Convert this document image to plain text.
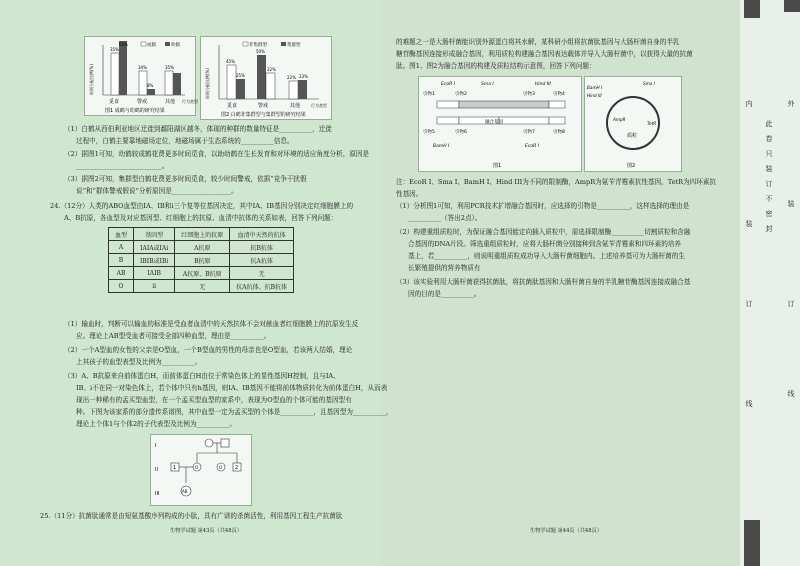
60%
35%
34%
8%
35%
觅食	警戒	其他 行为类型
成鹤	幼鹤
时间分配比例(%)
图1 成鹤与幼鹤的研究结果
45%
25%
50%
32%
22% 23%
觅食	警戒	其他	行为类型
非集群型	集群型
时间分配比例(%)
图2 白鹤非集群型与集群型的研究结果
（1）白鹤从西伯利亚地区迁徙到鄱阳湖区越冬，体现的种群的数量特征是__________，迁徙
过程中，白鹤主要靠地磁场定位，地磁场属于生态系统的__________信息。
（2）据图1可知，幼鹤较成鹤花费更多时间觅食，以助幼鹤在生长发育和对环境的适应角度分析，原因是
__________________________。
（3）据图2可知，集群型白鹤花费更多时间觅食，较少时间警戒，依据“竞争干扰假
说”和“群体警戒假说”分析原因是__________________。
24.（12分）人类的ABO血型由IA、IB和i三个复等位基因决定，其中IA、IB基因分别决定红细胞膜上的
A、B抗原，各血型及对应基因型、红细胞上的抗原、血清中抗体的关系如表，回答下列问题：
血型	基因型	红细胞上的抗原	血清中天然的抗体
A	IAIA或IAi	A抗原	抗B抗体
B	IBIB或IBi	B抗原	抗A抗体
AB	IAIB	A抗原、B抗原	无
O	ii	无	抗A抗体、抗B抗体
（1）输血时，判断可以输血的标准是受血者血清中的天然抗体不会对献血者红细胞膜上的抗原发生反
应。理论上AB型受血者可接受全部四种血型，理由是__________。
（2）一个A型血的女性的父亲是O型血，一个B型血的男性的母亲也是O型血，若该两人结婚，理论
上其孩子的血型表型及比例为__________。
（3）A、B抗原来自前体蛋白H，而前体蛋白H由位于常染色体上的显性基因H控制，且与IA、
IB、i不在同一对染色体上，若个体中只有h基因，则IA、IB基因不能将前体物质转化为前体蛋白H，从而表
现出一种稀有的孟买型血型，在一个孟买型血型的家系中，表现为O型血的个体可能的基因型有
种。下图为该家系的部分遗传系谱图，其中血型一定为孟买型的个体是__________，且基因型为__________，
理论上个体1与个体2的子代表型及比例为__________。
I
II
III
1	O	O	2
AB
25.（11分）抗菌肽通常是由短氨基酸序列构成的小肽，具有广谱的杀菌活性，利用基因工程生产抗菌肽
生物学试题 第43页（共48页）
的难题之一是大肠杆菌能识别外源蛋白将其水解，某科研小组将抗菌肽基因与大肠杆菌自身的半乳
糖苷酶基因连接形成融合基因，利用质粒构建融合基因表达载体并导入大肠杆菌中，以获得大量的抗菌
肽。图1、图2为融合基因的构建及质粒结构示意图，回答下列问题：
EcoR I	Sma I	Hind III
引物1	引物2	引物3	引物4
融合基因
引物5	引物6	引物7	引物8
BamH I	EcoR I
图1
BamH I
Hind III
Sma I
AmpR
TetR
质粒
图2
注：EcoR I、Sma I、BamH I、Hind III为不同的限制酶，AmpR为氨苄青霉素抗性基因，TetR为四环素抗
性基因。
（1）分析图1可知，利用PCR技术扩增融合基因时，应选择的引物是__________，这样选择的理由是
__________（答出2点）。
（2）构建重组质粒时，为保证融合基因能定向插入质粒中，需选择限制酶__________切割质粒和含融
合基因的DNA片段。筛选重组质粒时，应将大肠杆菌分别接种到含氨苄青霉素和四环素的培养
基上，若__________，则说明重组质粒成功导入大肠杆菌细胞内。上述培养基可为大肠杆菌的生
长繁殖提供的营养物质有
（3）该实验利用大肠杆菌获得抗菌肽，将抗菌肽基因和大肠杆菌自身的半乳糖苷酶基因连接成融合基
因的目的是__________。
生物学试题 第44页（共48页）
内
装
订
线
此卷只装订不密封
外
装
订
线
